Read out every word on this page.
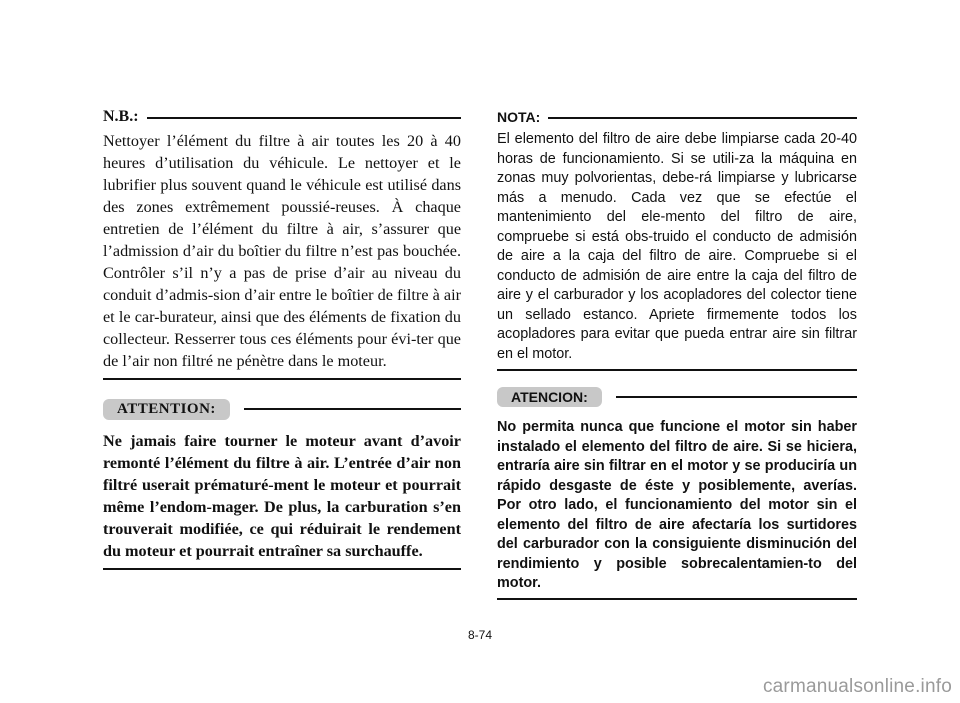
N.B.:

Nettoyer l’élément du filtre à air toutes les 20 à 40 heures d’utilisation du véhicule. Le nettoyer et le lubrifier plus souvent quand le véhicule est utilisé dans des zones extrêmement poussié-reuses. À chaque entretien de l’élément du filtre à air, s’assurer que l’admission d’air du boîtier du filtre n’est pas bouchée. Contrôler s’il n’y a pas de prise d’air au niveau du conduit d’admis-sion d’air entre le boîtier de filtre à air et le car-burateur, ainsi que des éléments de fixation du collecteur. Resserrer tous ces éléments pour évi-ter que de l’air non filtré ne pénètre dans le moteur.

ATTENTION:

Ne jamais faire tourner le moteur avant d’avoir remonté l’élément du filtre à air. L’entrée d’air non filtré userait prématuré-ment le moteur et pourrait même l’endom-mager. De plus, la carburation s’en trouverait modifiée, ce qui réduirait le rendement du moteur et pourrait entraîner sa surchauffe.

NOTA:

El elemento del filtro de aire debe limpiarse cada 20-40 horas de funcionamiento. Si se utili-za la máquina en zonas muy polvorientas, debe-rá limpiarse y lubricarse más a menudo. Cada vez que se efectúe el mantenimiento del ele-mento del filtro de aire, compruebe si está obs-truido el conducto de admisión de aire a la caja del filtro de aire. Compruebe si el conducto de admisión de aire entre la caja del filtro de aire y el carburador y los acopladores del colector tiene un sellado estanco. Apriete firmemente todos los acopladores para evitar que pueda entrar aire sin filtrar en el motor.

ATENCION:

No permita nunca que funcione el motor sin haber instalado el elemento del filtro de aire. Si se hiciera, entraría aire sin filtrar en el motor y se produciría un rápido desgaste de éste y posiblemente, averías. Por otro lado, el funcionamiento del motor sin el elemento del filtro de aire afectaría los surtidores del carburador con la consiguiente disminución del rendimiento y posible sobrecalentamien-to del motor.

8-74
carmanualsonline.info
